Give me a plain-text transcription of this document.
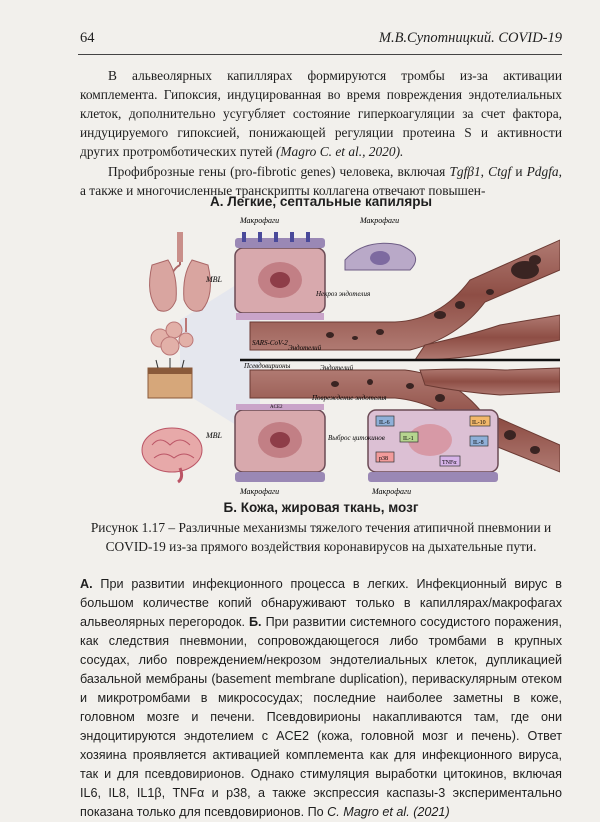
64	М.В.Супотницкий. COVID-19

В альвеолярных капиллярах формируются тромбы из-за активации комплемента. Гипоксия, индуцированная во время повреждения эндотелиальных клеток, дополнительно усугубляет состояние гиперкоагуляции за счет фактора, индуцируемого гипоксией, понижающей регуляции протеина S и активности других протромботических путей (Magro C. et al., 2020).

Профиброзные гены (pro-fibrotic genes) человека, включая Tgfβ1, Ctgf и Pdgfa, а также и многочисленные транскрипты коллагена отвечают повышен-

А. Легкие, септальные капиляры
Макрофаги	Макрофаги
MBL
Некроз эндотелия
SARS-CoV-2
Эндотелий
Псевдовирионы	Эндотелий
Повреждение эндотелия
MBL	Выброс цитокинов
Макрофаги	Макрофаги
ACE2
IL-6
IL-1
IL-10
IL-8
TNFα
p38
Б. Кожа, жировая ткань, мозг

Рисунок 1.17 – Различные механизмы тяжелого течения атипичной пневмонии и COVID-19 из-за прямого воздействия коронавирусов на дыхательные пути.

А. При развитии инфекционного процесса в легких. Инфекционный вирус в большом количестве копий обнаруживают только в капиллярах/макрофагах альвеолярных перегородок. Б. При развитии системного сосудистого поражения, как следствия пневмонии, сопровождающегося либо тромбами в крупных сосудах, либо повреждением/некрозом эндотелиальных клеток, дупликацией базальной мембраны (basement membrane duplication), периваскулярным отеком и микротромбами в микрососудах; последние наиболее заметны в коже, головном мозге и печени. Псевдовирионы накапливаются там, где они эндоцитируются эндотелием с ACE2 (кожа, головной мозг и печень). Ответ хозяина проявляется активацией комплемента как для инфекционного вируса, так и для псевдовирионов. Однако стимуляция выработки цитокинов, включая IL6, IL8, IL1β, TNFα и p38, а также экспрессия каспазы-3 экспериментально показана только для псевдовирионов. По C. Magro et al. (2021)
